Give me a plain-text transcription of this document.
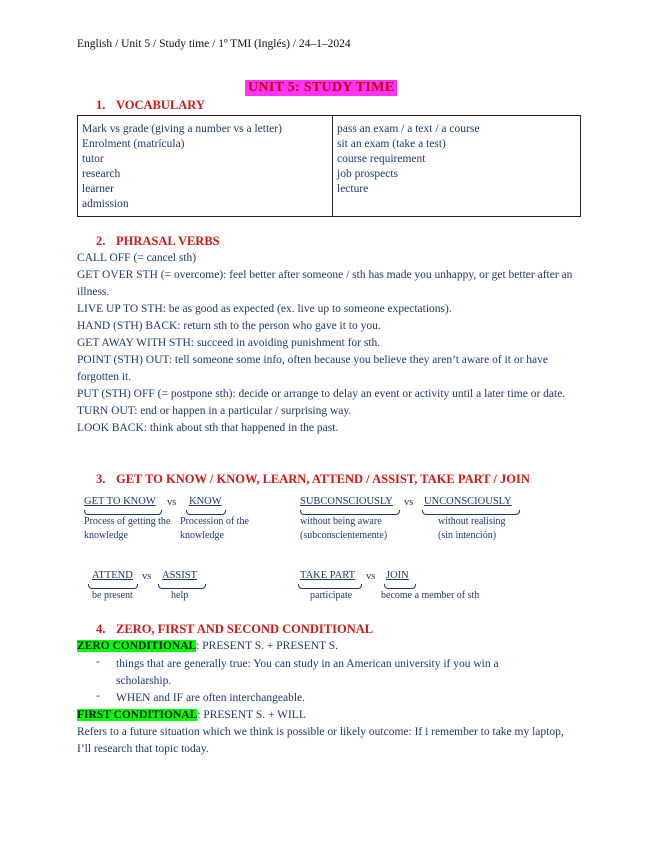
English / Unit 5 / Study time / 1º TMI (Inglés) / 24–1–2024
UNIT 5: STUDY TIME
1. VOCABULARY
Mark vs grade (giving a number vs a letter)
Enrolment (matrícula)
tutor
research
learner
admission
pass an exam / a text / a course
sit an exam (take a test)
course requirement
job prospects
lecture
2. PHRASAL VERBS

CALL OFF (= cancel sth)

GET OVER STH (= overcome): feel better after someone / sth has made you unhappy, or get better after an illness.

LIVE UP TO STH: be as good as expected (ex. live up to someone expectations).

HAND (STH) BACK: return sth to the person who gave it to you.

GET AWAY WITH STH: succeed in avoiding punishment for sth.

POINT (STH) OUT: tell someone some info, often because you believe they aren’t aware of it or have forgotten it.

PUT (STH) OFF (= postpone sth): decide or arrange to delay an event or activity until a later time or date.

TURN OUT: end or happen in a particular / surprising way.

LOOK BACK: think about sth that happened in the past.

3. GET TO KNOW / KNOW, LEARN, ATTEND / ASSIST, TAKE PART / JOIN
GET TO KNOW vs KNOW
Process of getting the knowledge
Procession of the knowledge
SUBCONSCIOUSLY vs UNCONSCIOUSLY
without being aware
(subconscientemente)
without realising
(sin intención)
ATTEND vs ASSIST
be present	help
TAKE PART vs JOIN
participate	become a member of sth
4. ZERO, FIRST AND SECOND CONDITIONAL
ZERO CONDITIONAL: PRESENT S. + PRESENT S.
- things that are generally true: You can study in an American university if you win a scholarship.
- WHEN and IF are often interchangeable.
FIRST CONDITIONAL: PRESENT S. + WILL
Refers to a future situation which we think is possible or likely outcome: If i remember to take my laptop, I’ll research that topic today.
